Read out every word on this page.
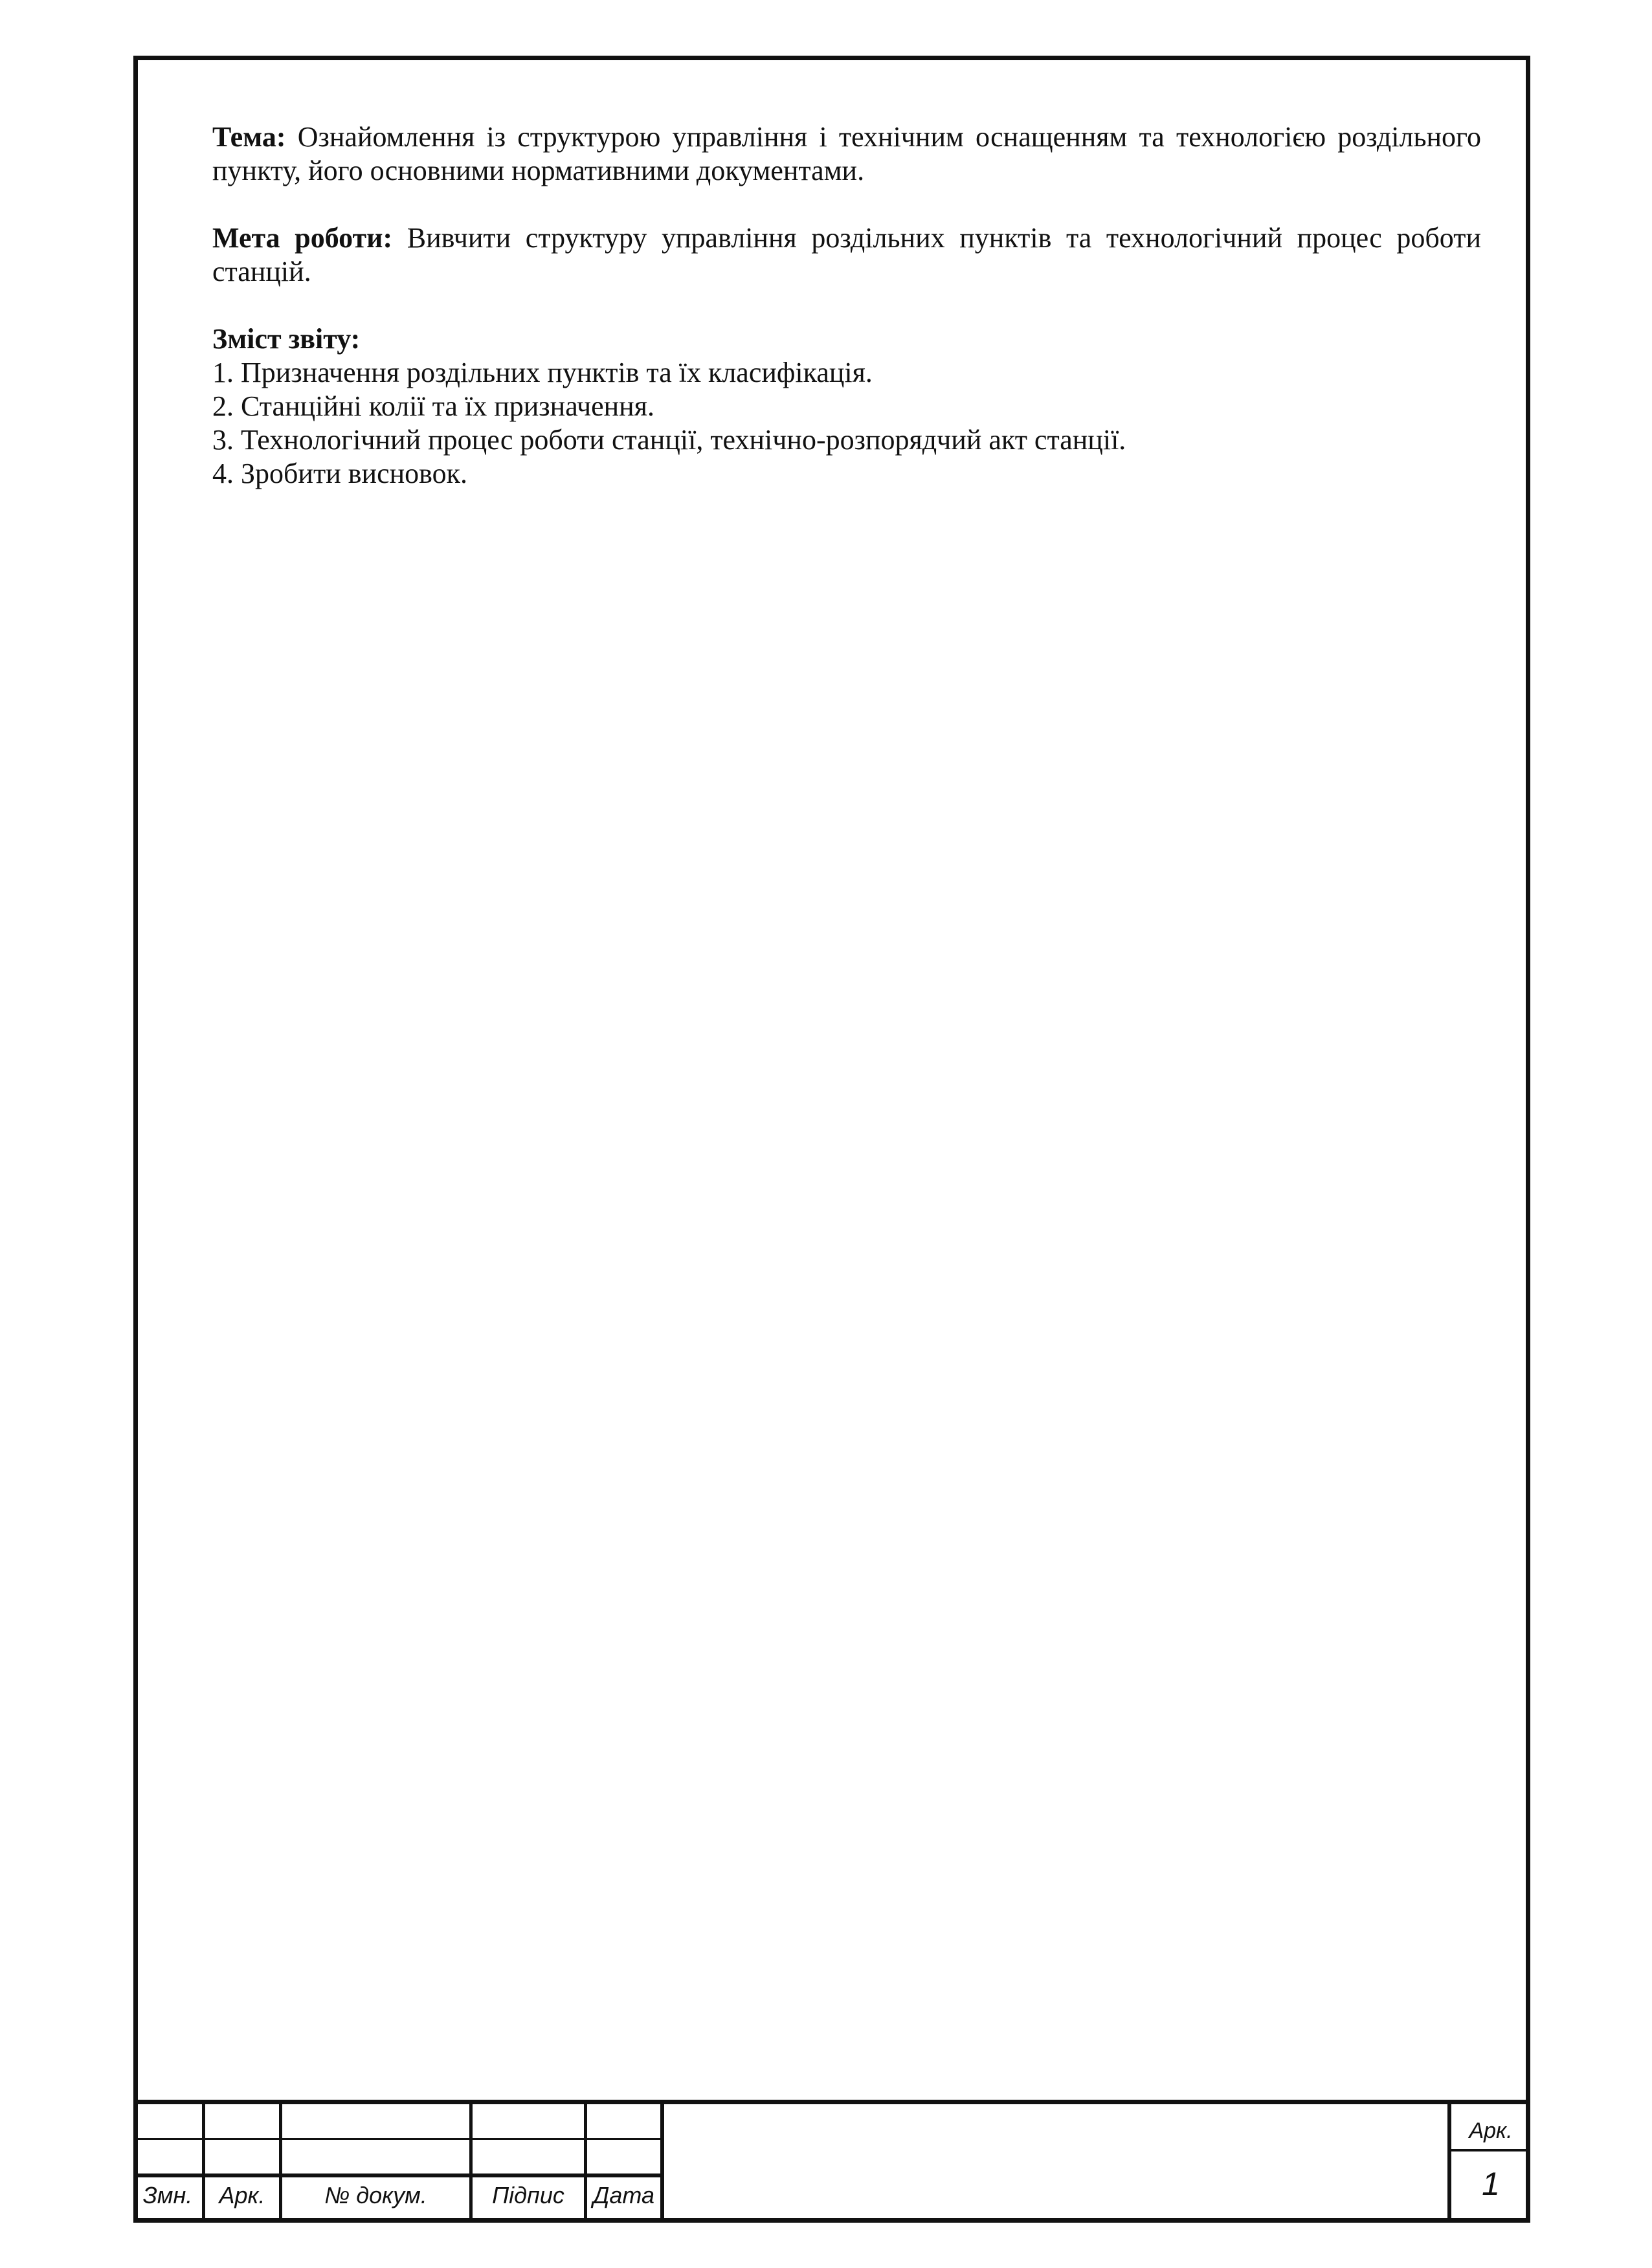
Тема: Ознайомлення із структурою управління і технічним оснащенням та технологією роздільного пункту, його основними нормативними документами.

Мета роботи: Вивчити структуру управління роздільних пунктів та технологічний процес роботи станцій.

Зміст звіту:

1. Призначення роздільних пунктів та їх класифікація.

2. Станційні колії та їх призначення.

3. Технологічний процес роботи станції, технічно-розпорядчий акт станції.

4. Зробити висновок.

Змн.	Арк.	№ докум.	Підпис	Дата
Арк.
1
